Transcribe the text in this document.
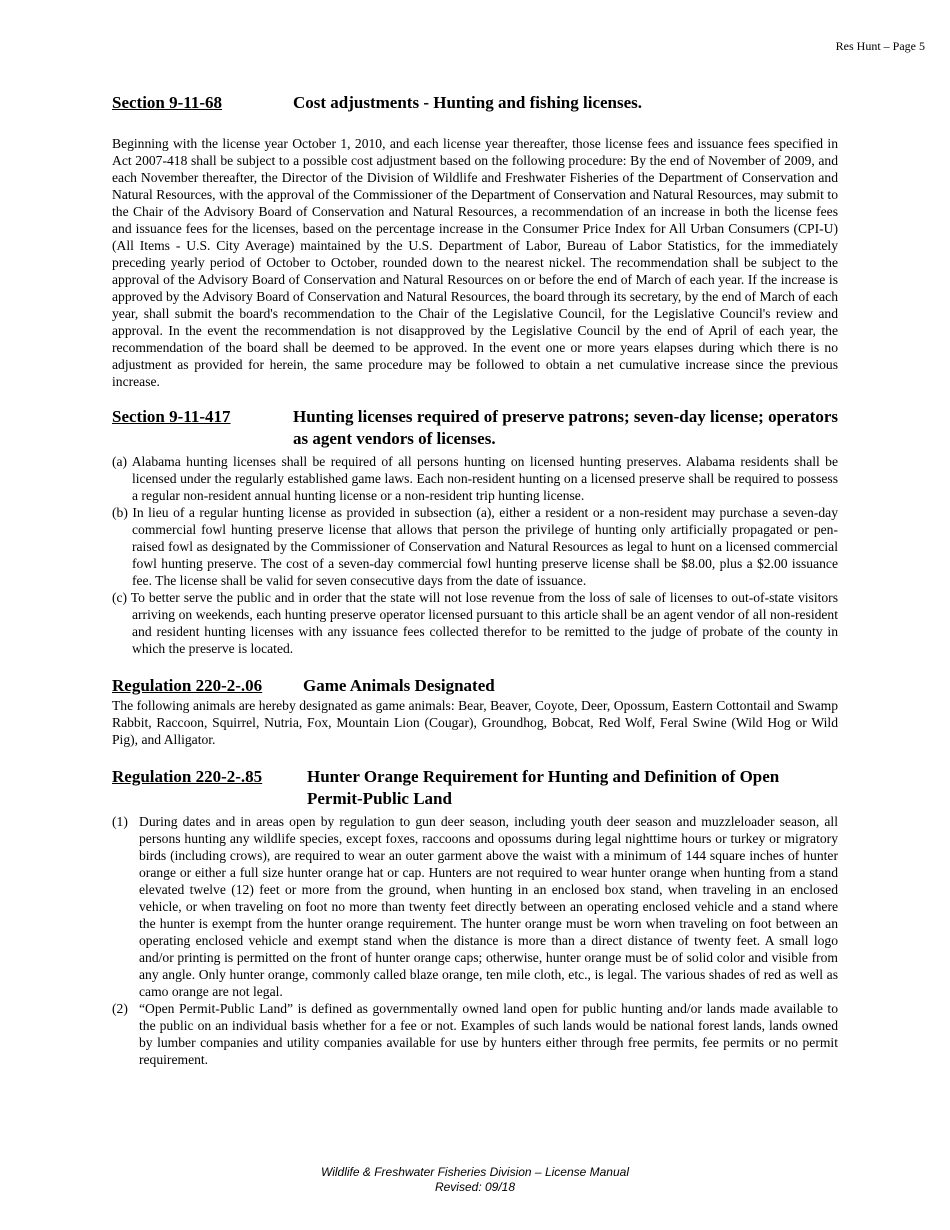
Res Hunt – Page 5
Section 9-11-68	Cost adjustments - Hunting and fishing licenses.

Beginning with the license year October 1, 2010, and each license year thereafter, those license fees and issuance fees specified in Act 2007-418 shall be subject to a possible cost adjustment based on the following procedure: By the end of November of 2009, and each November thereafter, the Director of the Division of Wildlife and Freshwater Fisheries of the Department of Conservation and Natural Resources, with the approval of the Commissioner of the Department of Conservation and Natural Resources, may submit to the Chair of the Advisory Board of Conservation and Natural Resources, a recommendation of an increase in both the license fees and issuance fees for the licenses, based on the percentage increase in the Consumer Price Index for All Urban Consumers (CPI-U) (All Items - U.S. City Average) maintained by the U.S. Department of Labor, Bureau of Labor Statistics, for the immediately preceding yearly period of October to October, rounded down to the nearest nickel. The recommendation shall be subject to the approval of the Advisory Board of Conservation and Natural Resources on or before the end of March of each year. If the increase is approved by the Advisory Board of Conservation and Natural Resources, the board through its secretary, by the end of March of each year, shall submit the board's recommendation to the Chair of the Legislative Council, for the Legislative Council's review and approval. In the event the recommendation is not disapproved by the Legislative Council by the end of April of each year, the recommendation of the board shall be deemed to be approved. In the event one or more years elapses during which there is no adjustment as provided for herein, the same procedure may be followed to obtain a net cumulative increase since the previous increase.

Section 9-11-417	Hunting licenses required of preserve patrons; seven-day license; operators as agent vendors of licenses.
(a) Alabama hunting licenses shall be required of all persons hunting on licensed hunting preserves. Alabama residents shall be licensed under the regularly established game laws. Each non-resident hunting on a licensed preserve shall be required to possess a regular non-resident annual hunting license or a non-resident trip hunting license.
(b) In lieu of a regular hunting license as provided in subsection (a), either a resident or a non-resident may purchase a seven-day commercial fowl hunting preserve license that allows that person the privilege of hunting only artificially propagated or pen-raised fowl as designated by the Commissioner of Conservation and Natural Resources as legal to hunt on a licensed commercial fowl hunting preserve. The cost of a seven-day commercial fowl hunting preserve license shall be $8.00, plus a $2.00 issuance fee. The license shall be valid for seven consecutive days from the date of issuance.
(c) To better serve the public and in order that the state will not lose revenue from the loss of sale of licenses to out-of-state visitors arriving on weekends, each hunting preserve operator licensed pursuant to this article shall be an agent vendor of all non-resident and resident hunting licenses with any issuance fees collected therefor to be remitted to the judge of probate of the county in which the preserve is located.
Regulation 220-2-.06	Game Animals Designated

The following animals are hereby designated as game animals: Bear, Beaver, Coyote, Deer, Opossum, Eastern Cottontail and Swamp Rabbit, Raccoon, Squirrel, Nutria, Fox, Mountain Lion (Cougar), Groundhog, Bobcat, Red Wolf, Feral Swine (Wild Hog or Wild Pig), and Alligator.

Regulation 220-2-.85	Hunter Orange Requirement for Hunting and Definition of Open Permit-Public Land
(1) During dates and in areas open by regulation to gun deer season, including youth deer season and muzzleloader season, all persons hunting any wildlife species, except foxes, raccoons and opossums during legal nighttime hours or turkey or migratory birds (including crows), are required to wear an outer garment above the waist with a minimum of 144 square inches of hunter orange or either a full size hunter orange hat or cap. Hunters are not required to wear hunter orange when hunting from a stand elevated twelve (12) feet or more from the ground, when hunting in an enclosed box stand, when traveling in an enclosed vehicle, or when traveling on foot no more than twenty feet directly between an operating enclosed vehicle and a stand where the hunter is exempt from the hunter orange requirement. The hunter orange must be worn when traveling on foot between an operating enclosed vehicle and exempt stand when the distance is more than a direct distance of twenty feet. A small logo and/or printing is permitted on the front of hunter orange caps; otherwise, hunter orange must be of solid color and visible from any angle. Only hunter orange, commonly called blaze orange, ten mile cloth, etc., is legal. The various shades of red as well as camo orange are not legal.
(2) “Open Permit-Public Land” is defined as governmentally owned land open for public hunting and/or lands made available to the public on an individual basis whether for a fee or not. Examples of such lands would be national forest lands, lands owned by lumber companies and utility companies available for use by hunters either through free permits, fee permits or no permit requirement.
Wildlife & Freshwater Fisheries Division – License Manual
Revised: 09/18
